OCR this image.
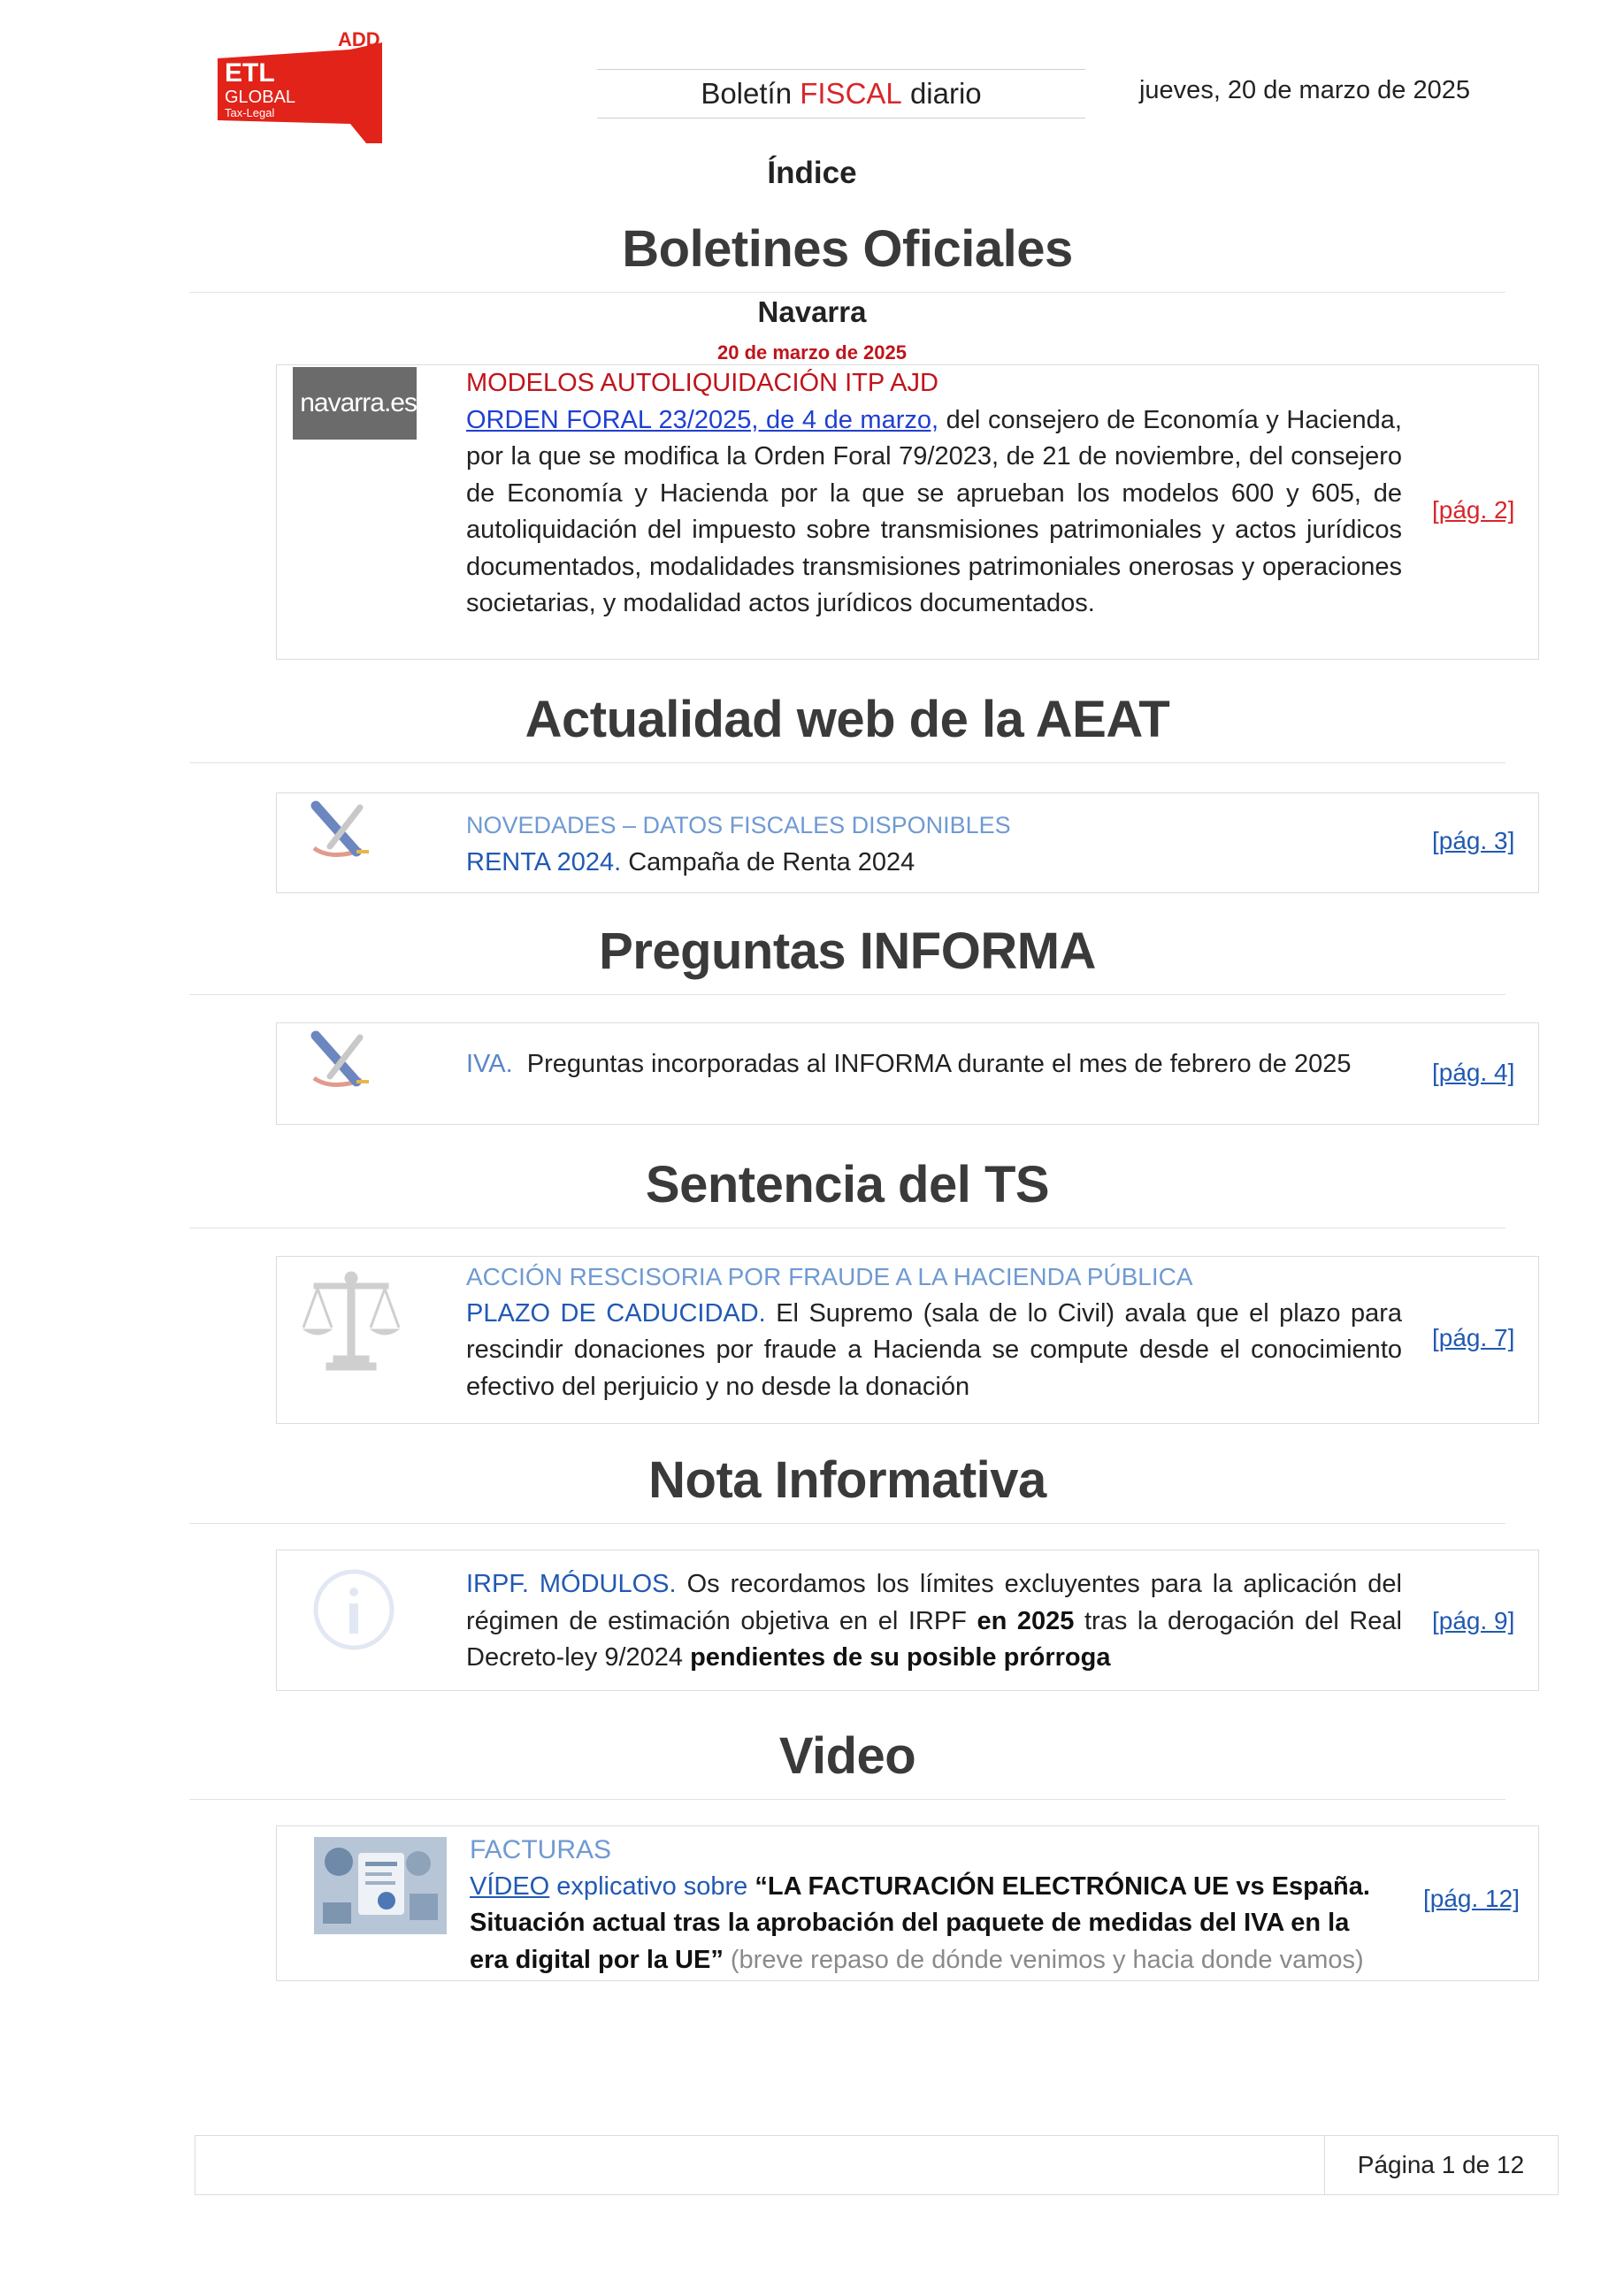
ADD
ETL
GLOBAL
Tax-Legal
Boletín FISCAL diario	jueves, 20 de marzo de 2025
Índice
Boletines Oficiales
Navarra
20 de marzo de 2025
navarra.es
MODELOS AUTOLIQUIDACIÓN ITP AJD
ORDEN FORAL 23/2025, de 4 de marzo, del consejero de Economía y Hacienda, por la que se modifica la Orden Foral 79/2023, de 21 de noviembre, del consejero de Economía y Hacienda por la que se aprueban los modelos 600 y 605, de autoliquidación del impuesto sobre transmisiones patrimoniales y actos jurídicos documentados, modalidades transmisiones patrimoniales onerosas y operaciones societarias, y modalidad actos jurídicos documentados.
[pág. 2]
Actualidad web de la AEAT
NOVEDADES – DATOS FISCALES DISPONIBLES
RENTA 2024. Campaña de Renta 2024
[pág. 3]
Preguntas INFORMA
IVA.  Preguntas incorporadas al INFORMA durante el mes de febrero de 2025	[pág. 4]
Sentencia del TS
ACCIÓN RESCISORIA POR FRAUDE A LA HACIENDA PÚBLICA
PLAZO DE CADUCIDAD. El Supremo (sala de lo Civil) avala que el plazo para rescindir donaciones por fraude a Hacienda se compute desde el conocimiento efectivo del perjuicio y no desde la donación
[pág. 7]
Nota Informativa
IRPF. MÓDULOS. Os recordamos los límites excluyentes para la aplicación del régimen de estimación objetiva en el IRPF en 2025 tras la derogación del Real Decreto-ley 9/2024 pendientes de su posible prórroga
[pág. 9]
Video
FACTURAS
VÍDEO explicativo sobre “LA FACTURACIÓN ELECTRÓNICA UE vs España. Situación actual tras la aprobación del paquete de medidas del IVA en la era digital por la UE” (breve repaso de dónde venimos y hacia donde vamos)
[pág. 12]
Página 1 de 12
